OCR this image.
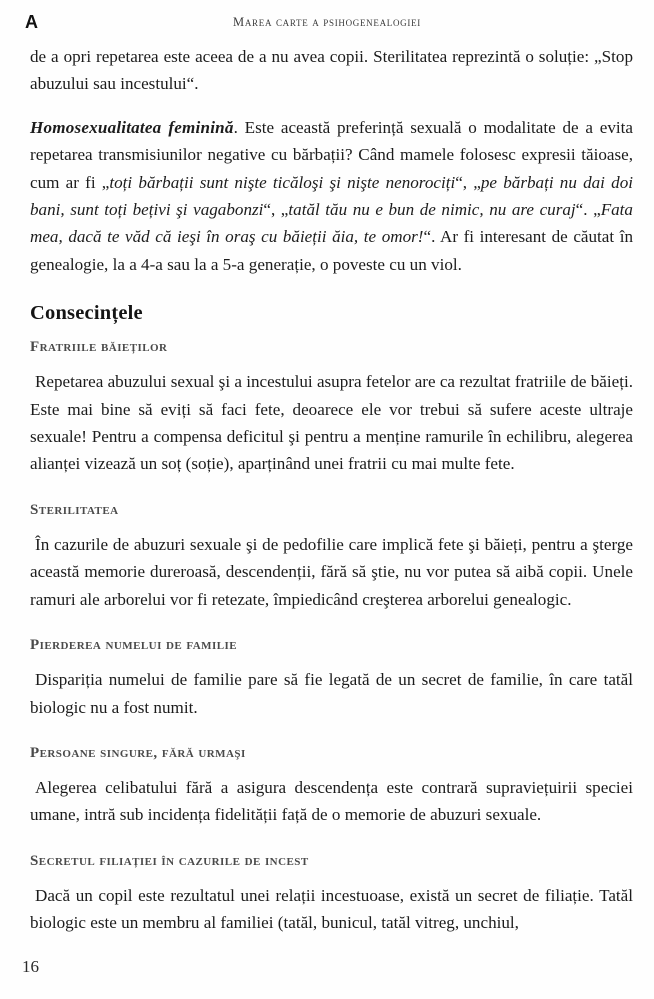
A	Marea carte a psihogenealogiei

de a opri repetarea este aceea de a nu avea copii. Sterilitatea reprezintă o soluție: „Stop abuzului sau incestului“.

Homosexualitatea feminină. Este această preferință sexuală o modalitate de a evita repetarea transmisiunilor negative cu bărbații? Când mamele folosesc expresii tăioase, cum ar fi „toți bărbații sunt nişte ticăloşi şi nişte nenorociți“, „pe bărbați nu dai doi bani, sunt toți bețivi şi vagabonzi“, „tatăl tău nu e bun de nimic, nu are curaj“. „Fata mea, dacă te văd că ieşi în oraş cu băieții ăia, te omor!“. Ar fi interesant de căutat în genealogie, la a 4-a sau la a 5-a generație, o poveste cu un viol.

Consecințele
Fratriile băieților

Repetarea abuzului sexual şi a incestului asupra fetelor are ca rezultat fratriile de băieți. Este mai bine să eviți să faci fete, deoarece ele vor trebui să sufere aceste ultraje sexuale! Pentru a compensa deficitul şi pentru a menține ramurile în echilibru, alegerea alianței vizează un soț (soție), aparținând unei fratrii cu mai multe fete.

Sterilitatea

În cazurile de abuzuri sexuale şi de pedofilie care implică fete şi băieți, pentru a şterge această memorie dureroasă, descendenții, fără să ştie, nu vor putea să aibă copii. Unele ramuri ale arborelui vor fi retezate, împiedicând creşterea arborelui genealogic.

Pierderea numelui de familie

Dispariția numelui de familie pare să fie legată de un secret de familie, în care tatăl biologic nu a fost numit.

Persoane singure, fără urmaşi

Alegerea celibatului fără a asigura descendența este contrară supraviețuirii speciei umane, intră sub incidența fidelității față de o memorie de abuzuri sexuale.

Secretul filiației în cazurile de incest

Dacă un copil este rezultatul unei relații incestuoase, există un secret de filiație. Tatăl biologic este un membru al familiei (tatăl, bunicul, tatăl vitreg, unchiul,

16
